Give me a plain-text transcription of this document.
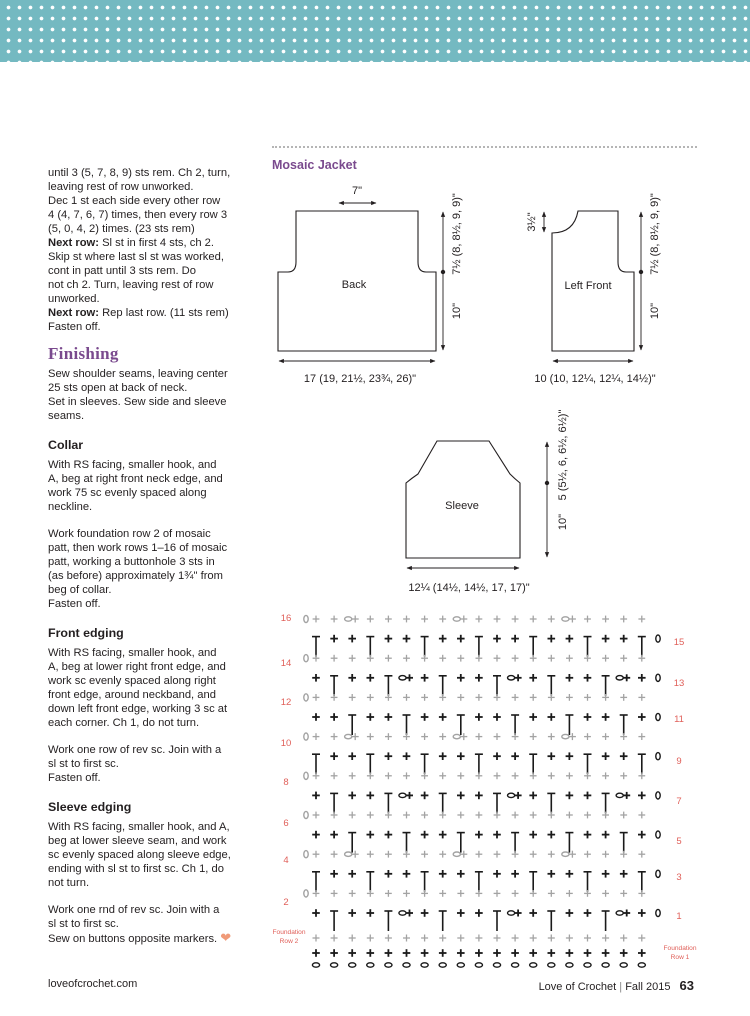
until 3 (5, 7, 8, 9) sts rem. Ch 2, turn,
leaving rest of row unworked.
Dec 1 st each side every other row
4 (4, 7, 6, 7) times, then every row 3
(5, 0, 4, 2) times. (23 sts rem)
Next row: Sl st in first 4 sts, ch 2.
Skip st where last sl st was worked,
cont in patt until 3 sts rem. Do
not ch 2. Turn, leaving rest of row
unworked.
Next row: Rep last row. (11 sts rem)
Fasten off.

Finishing

Sew shoulder seams, leaving center
25 sts open at back of neck.
Set in sleeves. Sew side and sleeve
seams.

Collar

With RS facing, smaller hook, and
A, beg at right front neck edge, and
work 75 sc evenly spaced along
neckline.

Work foundation row 2 of mosaic
patt, then work rows 1–16 of mosaic
patt, working a buttonhole 3 sts in
(as before) approximately 1¾" from
beg of collar.
Fasten off.

Front edging

With RS facing, smaller hook, and
A, beg at lower right front edge, and
work sc evenly spaced along right
front edge, around neckband, and
down left front edge, working 3 sc at
each corner. Ch 1, do not turn.

Work one row of rev sc. Join with a
sl st to first sc.
Fasten off.

Sleeve edging

With RS facing, smaller hook, and A,
beg at lower sleeve seam, and work
sc evenly spaced along sleeve edge,
ending with sl st to first sc. Ch 1, do
not turn.

Work one rnd of rev sc. Join with a
sl st to first sc.
Sew on buttons opposite markers. ❤

Mosaic Jacket
Back
7"
17 (19, 21½, 23¾, 26)"
7½ (8, 8½, 9, 9)"
10"
Left Front
3½"
10 (10, 12¼, 12¼, 14½)"
7½ (8, 8½, 9, 9)"
10"
Sleeve
12¼ (14½, 14½, 17, 17)"
5 (5½, 6, 6½, 6½)"
10"
16
14
12
10
8
6
4
2
15
13
11
9
7
5
3
1
Foundation
Row 2
Foundation
Row 1
loveofcrochet.com	Love of Crochet | Fall 2015 63
